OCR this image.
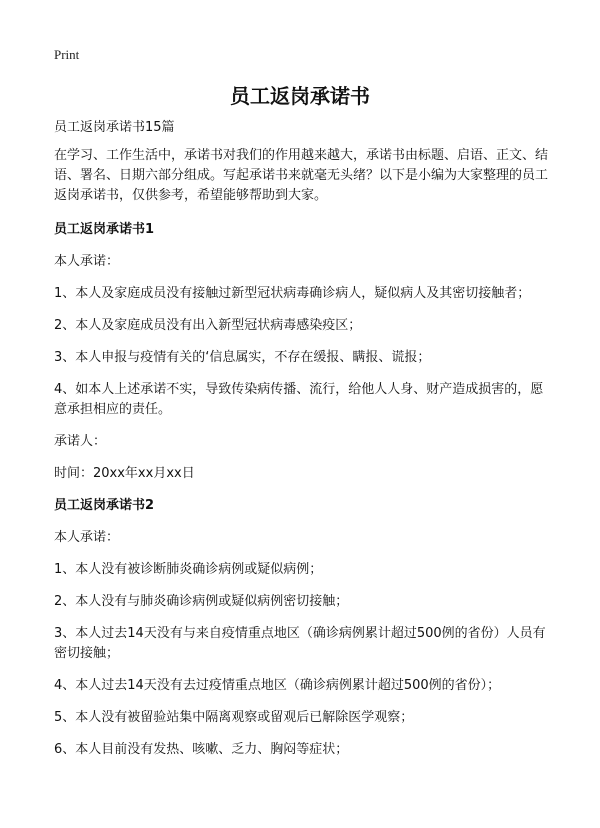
Print
员工返岗承诺书

员工返岗承诺书15篇

在学习、工作生活中，承诺书对我们的作用越来越大，承诺书由标题、启语、正文、结语、署名、日期六部分组成。写起承诺书来就毫无头绪？以下是小编为大家整理的员工返岗承诺书，仅供参考，希望能够帮助到大家。

员工返岗承诺书1
本人承诺：
1、本人及家庭成员没有接触过新型冠状病毒确诊病人，疑似病人及其密切接触者；
2、本人及家庭成员没有出入新型冠状病毒感染疫区；
3、本人申报与疫情有关的‘信息属实，不存在缓报、瞒报、谎报；
4、如本人上述承诺不实，导致传染病传播、流行，给他人人身、财产造成损害的，愿意承担相应的责任。
承诺人：
时间：20xx年xx月xx日
员工返岗承诺书2
本人承诺：
1、本人没有被诊断肺炎确诊病例或疑似病例；
2、本人没有与肺炎确诊病例或疑似病例密切接触；
3、本人过去14天没有与来自疫情重点地区（确诊病例累计超过500例的省份）人员有密切接触；
4、本人过去14天没有去过疫情重点地区（确诊病例累计超过500例的省份）；
5、本人没有被留验站集中隔离观察或留观后已解除医学观察；
6、本人目前没有发热、咳嗽、乏力、胸闷等症状；
